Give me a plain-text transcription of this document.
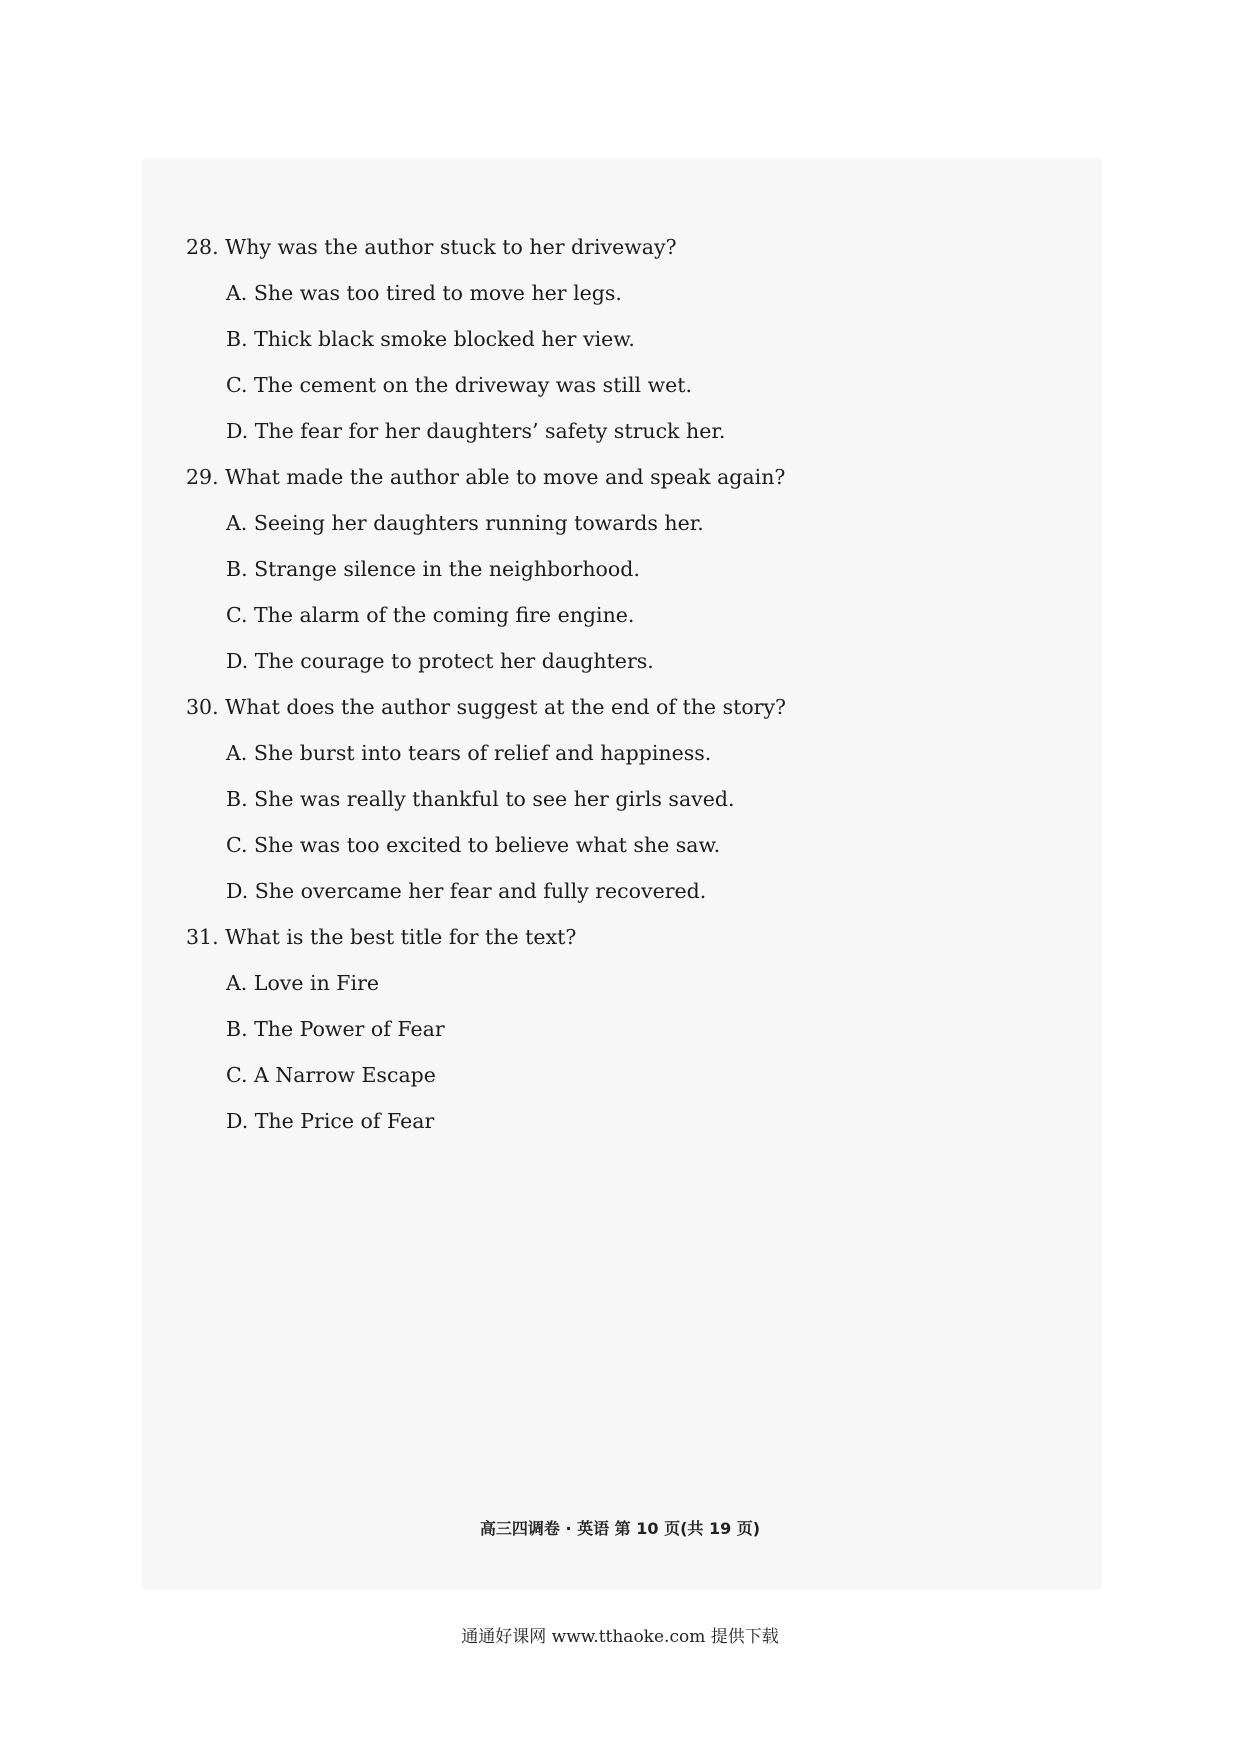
28. Why was the author stuck to her driveway?
A. She was too tired to move her legs.
B. Thick black smoke blocked her view.
C. The cement on the driveway was still wet.
D. The fear for her daughters’ safety struck her.
29. What made the author able to move and speak again?
A. Seeing her daughters running towards her.
B. Strange silence in the neighborhood.
C. The alarm of the coming fire engine.
D. The courage to protect her daughters.
30. What does the author suggest at the end of the story?
A. She burst into tears of relief and happiness.
B. She was really thankful to see her girls saved.
C. She was too excited to believe what she saw.
D. She overcame her fear and fully recovered.
31. What is the best title for the text?
A. Love in Fire
B. The Power of Fear
C. A Narrow Escape
D. The Price of Fear
高三四调卷 · 英语 第 10 页(共 19 页)
通通好课网 www.tthaoke.com 提供下载
